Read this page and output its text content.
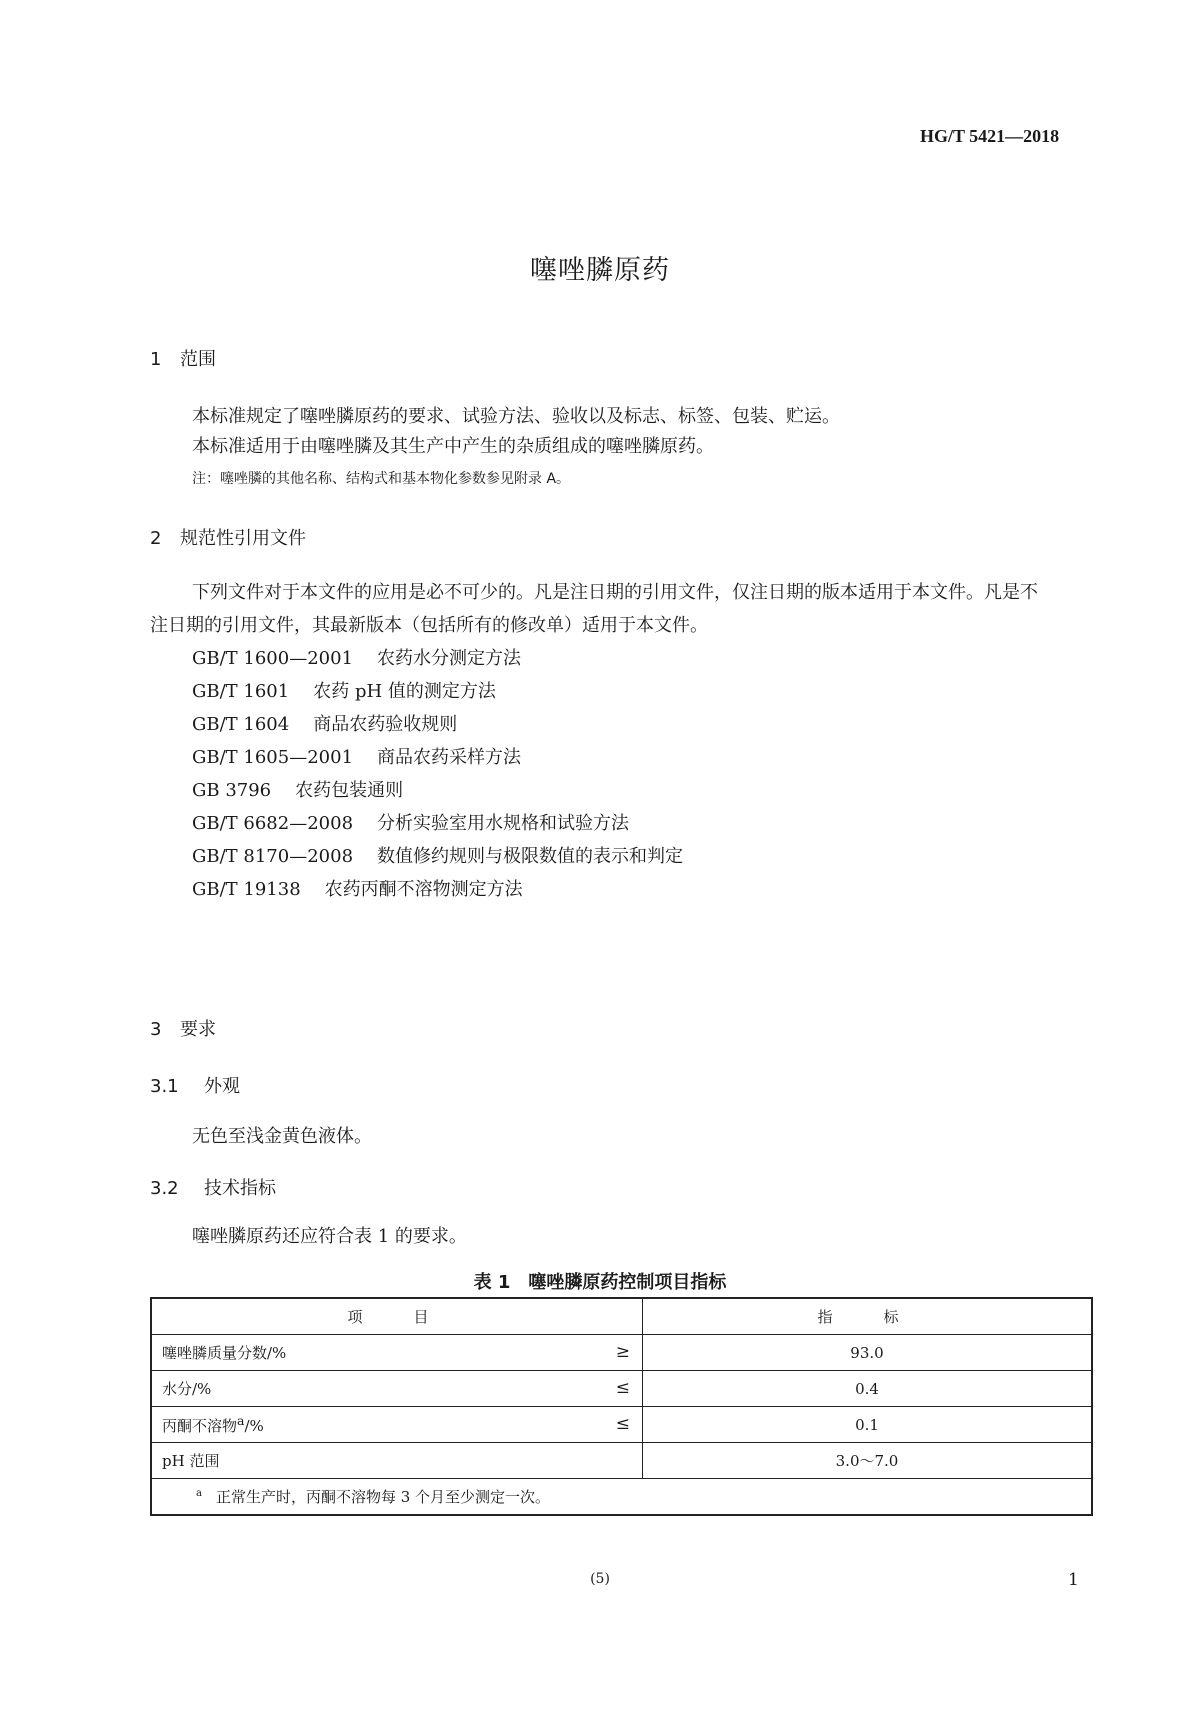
HG/T 5421—2018
噻唑膦原药
1 范围
本标准规定了噻唑膦原药的要求、试验方法、验收以及标志、标签、包装、贮运。
本标准适用于由噻唑膦及其生产中产生的杂质组成的噻唑膦原药。
注：噻唑膦的其他名称、结构式和基本物化参数参见附录 A。
2 规范性引用文件
下列文件对于本文件的应用是必不可少的。凡是注日期的引用文件，仅注日期的版本适用于本文件。凡是不注日期的引用文件，其最新版本（包括所有的修改单）适用于本文件。
GB/T 1600—2001 农药水分测定方法
GB/T 1601 农药 pH 值的测定方法
GB/T 1604 商品农药验收规则
GB/T 1605—2001 商品农药采样方法
GB 3796 农药包装通则
GB/T 6682—2008 分析实验室用水规格和试验方法
GB/T 8170—2008 数值修约规则与极限数值的表示和判定
GB/T 19138 农药丙酮不溶物测定方法
3 要求
3.1 外观
无色至浅金黄色液体。
3.2 技术指标
噻唑膦原药还应符合表 1 的要求。
表 1　噻唑膦原药控制项目指标
项　目	指　标
噻唑膦质量分数/% ≥	93.0
水分/% ≤	0.4
丙酮不溶物$^a$/% ≤	0.1
pH 范围	3.0～7.0
$^a$ 正常生产时，丙酮不溶物每 3 个月至少测定一次。	
(5)	1
